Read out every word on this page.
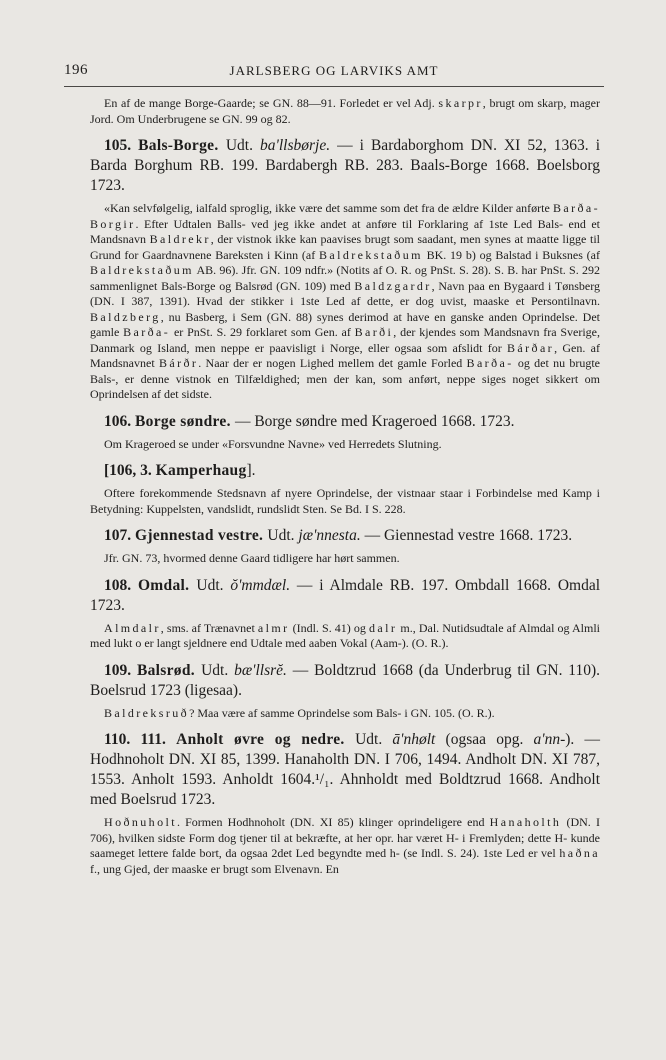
196	JARLSBERG OG LARVIKS AMT

En af de mange Borge-Gaarde; se GN. 88—91. Forledet er vel Adj. skarpr, brugt om skarp, mager Jord. Om Underbrugene se GN. 99 og 82.

105. Bals-Borge. Udt. ba'llsbørje. — i Bardaborghom DN. XI 52, 1363. i Barda Borghum RB. 199. Bardabergh RB. 283. Baals-Borge 1668. Boelsborg 1723.

«Kan selvfølgelig, ialfald sproglig, ikke være det samme som det fra de ældre Kilder anførte Barða-Borgir. Efter Udtalen Balls- ved jeg ikke andet at anføre til Forklaring af 1ste Led Bals- end et Mandsnavn Baldrekr, der vistnok ikke kan paavises brugt som saadant, men synes at maatte ligge til Grund for Gaardnavnene Bareksten i Kinn (af Baldrekstaðum BK. 19 b) og Balstad i Buksnes (af Baldrekstaðum AB. 96). Jfr. GN. 109 ndfr.» (Notits af O. R. og PnSt. S. 28). S. B. har PnSt. S. 292 sammenlignet Bals-Borge og Balsrød (GN. 109) med Baldzgardr, Navn paa en Bygaard i Tønsberg (DN. I 387, 1391). Hvad der stikker i 1ste Led af dette, er dog uvist, maaske et Persontilnavn. Baldzberg, nu Basberg, i Sem (GN. 88) synes derimod at have en ganske anden Oprindelse. Det gamle Barða- er PnSt. S. 29 forklaret som Gen. af Barði, der kjendes som Mandsnavn fra Sverige, Danmark og Island, men neppe er paavisligt i Norge, eller ogsaa som afslidt for Bárðar, Gen. af Mandsnavnet Bárðr. Naar der er nogen Lighed mellem det gamle Forled Barða- og det nu brugte Bals-, er denne vistnok en Tilfældighed; men der kan, som anført, neppe siges noget sikkert om Oprindelsen af det sidste.

106. Borge søndre. — Borge søndre med Krageroed 1668. 1723.

Om Krageroed se under «Forsvundne Navne» ved Herredets Slutning.

[106, 3. Kamperhaug].

Oftere forekommende Stedsnavn af nyere Oprindelse, der vistnaar staar i Forbindelse med Kamp i Betydning: Kuppelsten, vandslidt, rundslidt Sten. Se Bd. I S. 228.

107. Gjennestad vestre. Udt. jæ'nnesta. — Giennestad vestre 1668. 1723.

Jfr. GN. 73, hvormed denne Gaard tidligere har hørt sammen.

108. Omdal. Udt. ŏ'mmdæl. — i Almdale RB. 197. Ombdall 1668. Omdal 1723.

Almdalr, sms. af Trænavnet almr (Indl. S. 41) og dalr m., Dal. Nutidsudtale af Almdal og Almli med lukt o er langt sjeldnere end Udtale med aaben Vokal (Aam-). (O. R.).

109. Balsrød. Udt. bæ'llsrĕ. — Boldtzrud 1668 (da Underbrug til GN. 110). Boelsrud 1723 (ligesaa).

Baldreksruð? Maa være af samme Oprindelse som Bals- i GN. 105. (O. R.).

110. 111. Anholt øvre og nedre. Udt. ā'nhølt (ogsaa opg. a'nn-). — Hodhnoholt DN. XI 85, 1399. Hanaholth DN. I 706, 1494. Andholt DN. XI 787, 1553. Anholt 1593. Anholdt 1604.¹/₁. Ahnholdt med Boldtzrud 1668. Andholt med Boelsrud 1723.

Hoðnuholt. Formen Hodhnoholt (DN. XI 85) klinger oprindeligere end Hanaholth (DN. I 706), hvilken sidste Form dog tjener til at bekræfte, at her opr. har været H- i Fremlyden; dette H- kunde saameget lettere falde bort, da ogsaa 2det Led begyndte med h- (se Indl. S. 24). 1ste Led er vel haðna f., ung Gjed, der maaske er brugt som Elvenavn. En
